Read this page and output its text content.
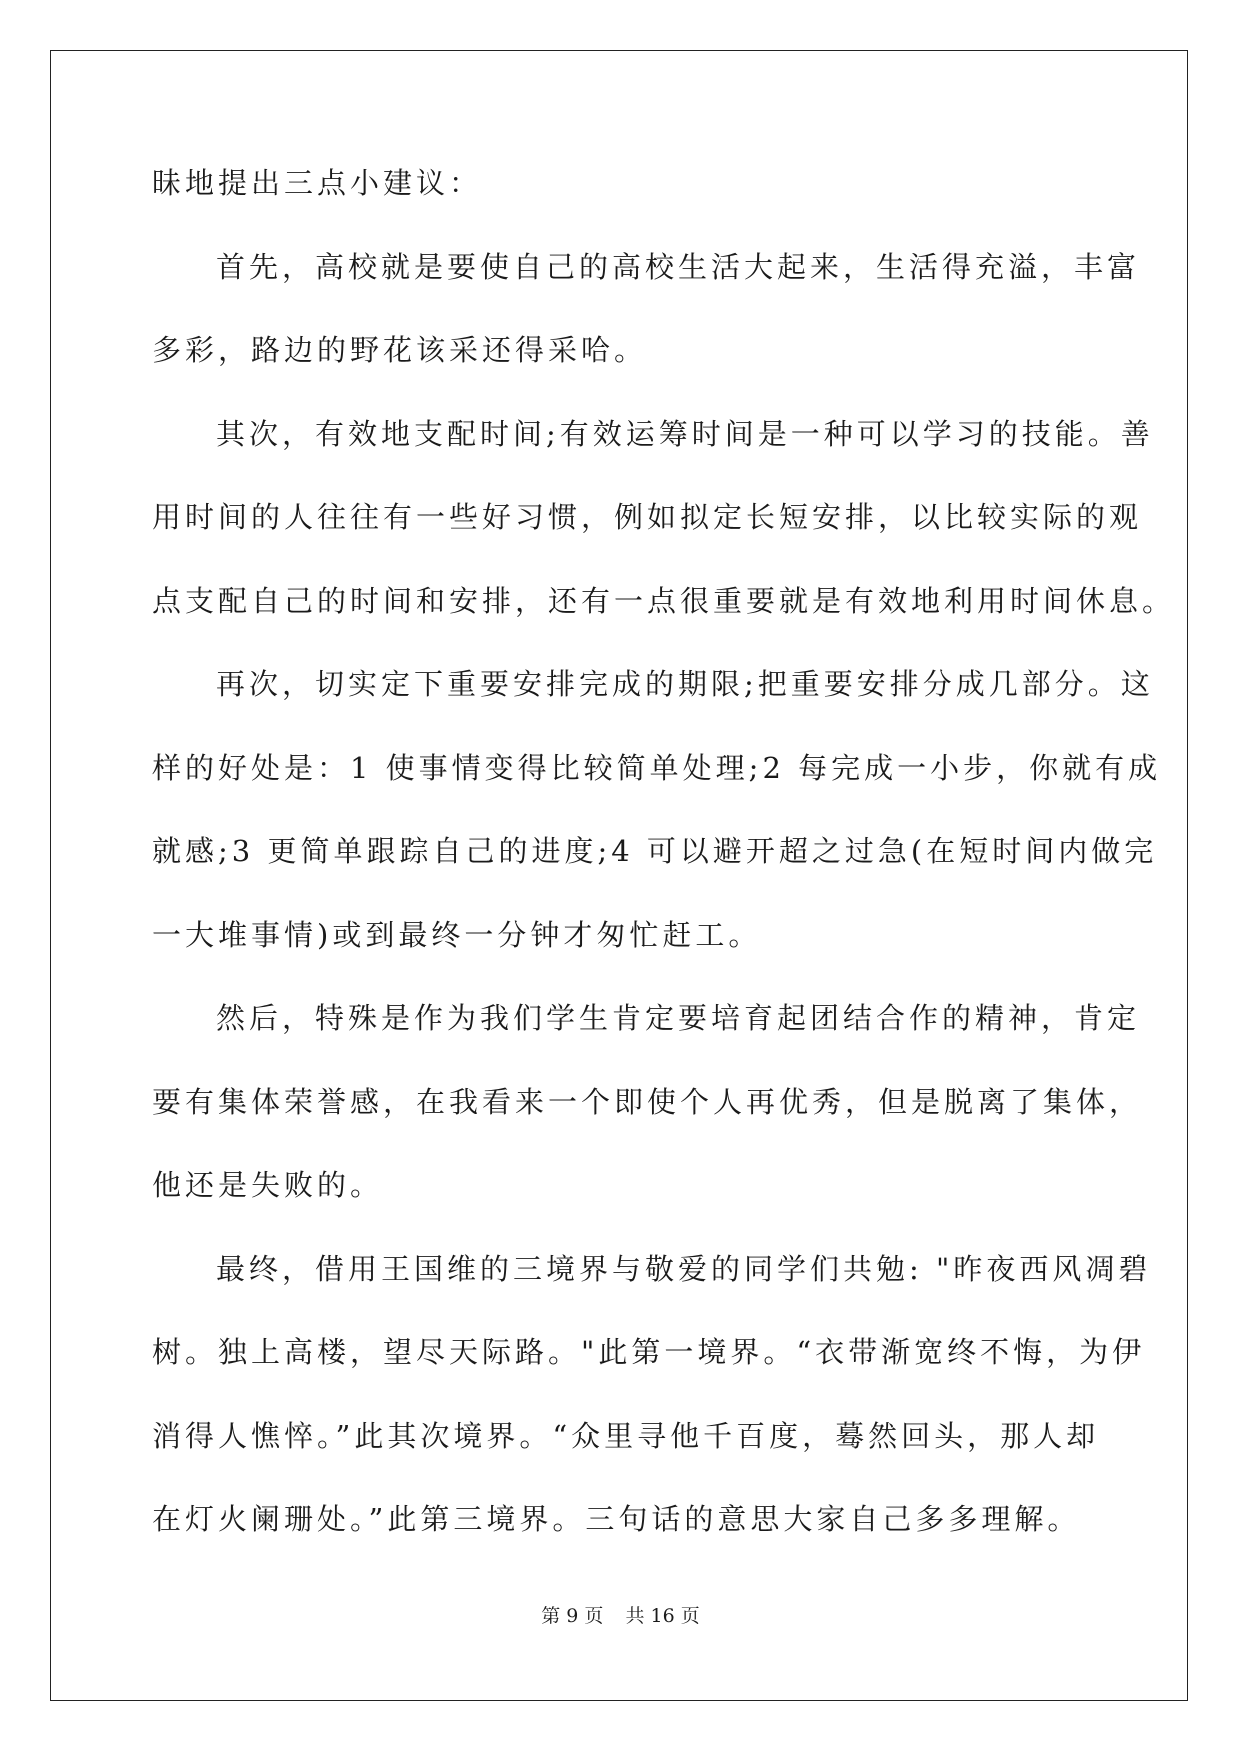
昧地提出三点小建议：
首先，高校就是要使自己的高校生活大起来，生活得充溢，丰富
多彩，路边的野花该采还得采哈。
其次，有效地支配时间;有效运筹时间是一种可以学习的技能。善
用时间的人往往有一些好习惯，例如拟定长短安排，以比较实际的观
点支配自己的时间和安排，还有一点很重要就是有效地利用时间休息。
再次，切实定下重要安排完成的期限;把重要安排分成几部分。这
样的好处是：1 使事情变得比较简单处理;2 每完成一小步，你就有成
就感;3 更简单跟踪自己的进度;4 可以避开超之过急(在短时间内做完
一大堆事情)或到最终一分钟才匆忙赶工。
然后，特殊是作为我们学生肯定要培育起团结合作的精神，肯定
要有集体荣誉感，在我看来一个即使个人再优秀，但是脱离了集体，
他还是失败的。
最终，借用王国维的三境界与敬爱的同学们共勉: "昨夜西风凋碧
树。独上高楼，望尽天际路。"此第一境界。“衣带渐宽终不悔，为伊
消得人憔悴。”此其次境界。“众里寻他千百度，蓦然回头，那人却
在灯火阑珊处。”此第三境界。三句话的意思大家自己多多理解。
第 9 页 共 16 页
